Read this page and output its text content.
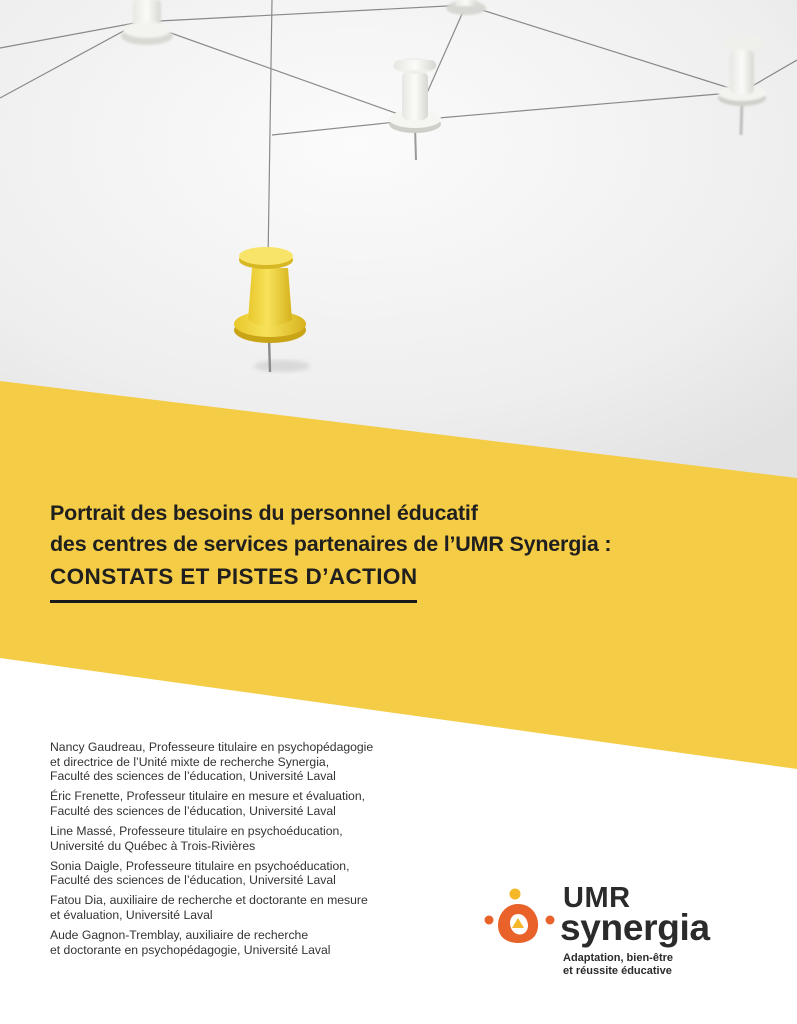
Portrait des besoins du personnel éducatif
des centres de services partenaires de l’UMR Synergia :
CONSTATS ET PISTES D’ACTION
Nancy Gaudreau, Professeure titulaire en psychopédagogie
et directrice de l’Unité mixte de recherche Synergia,
Faculté des sciences de l’éducation, Université Laval
Éric Frenette, Professeur titulaire en mesure et évaluation,
Faculté des sciences de l’éducation, Université Laval
Line Massé, Professeure titulaire en psychoéducation,
Université du Québec à Trois-Rivières
Sonia Daigle, Professeure titulaire en psychoéducation,
Faculté des sciences de l’éducation, Université Laval
Fatou Dia, auxiliaire de recherche et doctorante en mesure
et évaluation, Université Laval
Aude Gagnon-Tremblay, auxiliaire de recherche
et doctorante en psychopédagogie, Université Laval
UMR
synergia
Adaptation, bien-être
et réussite éducative
